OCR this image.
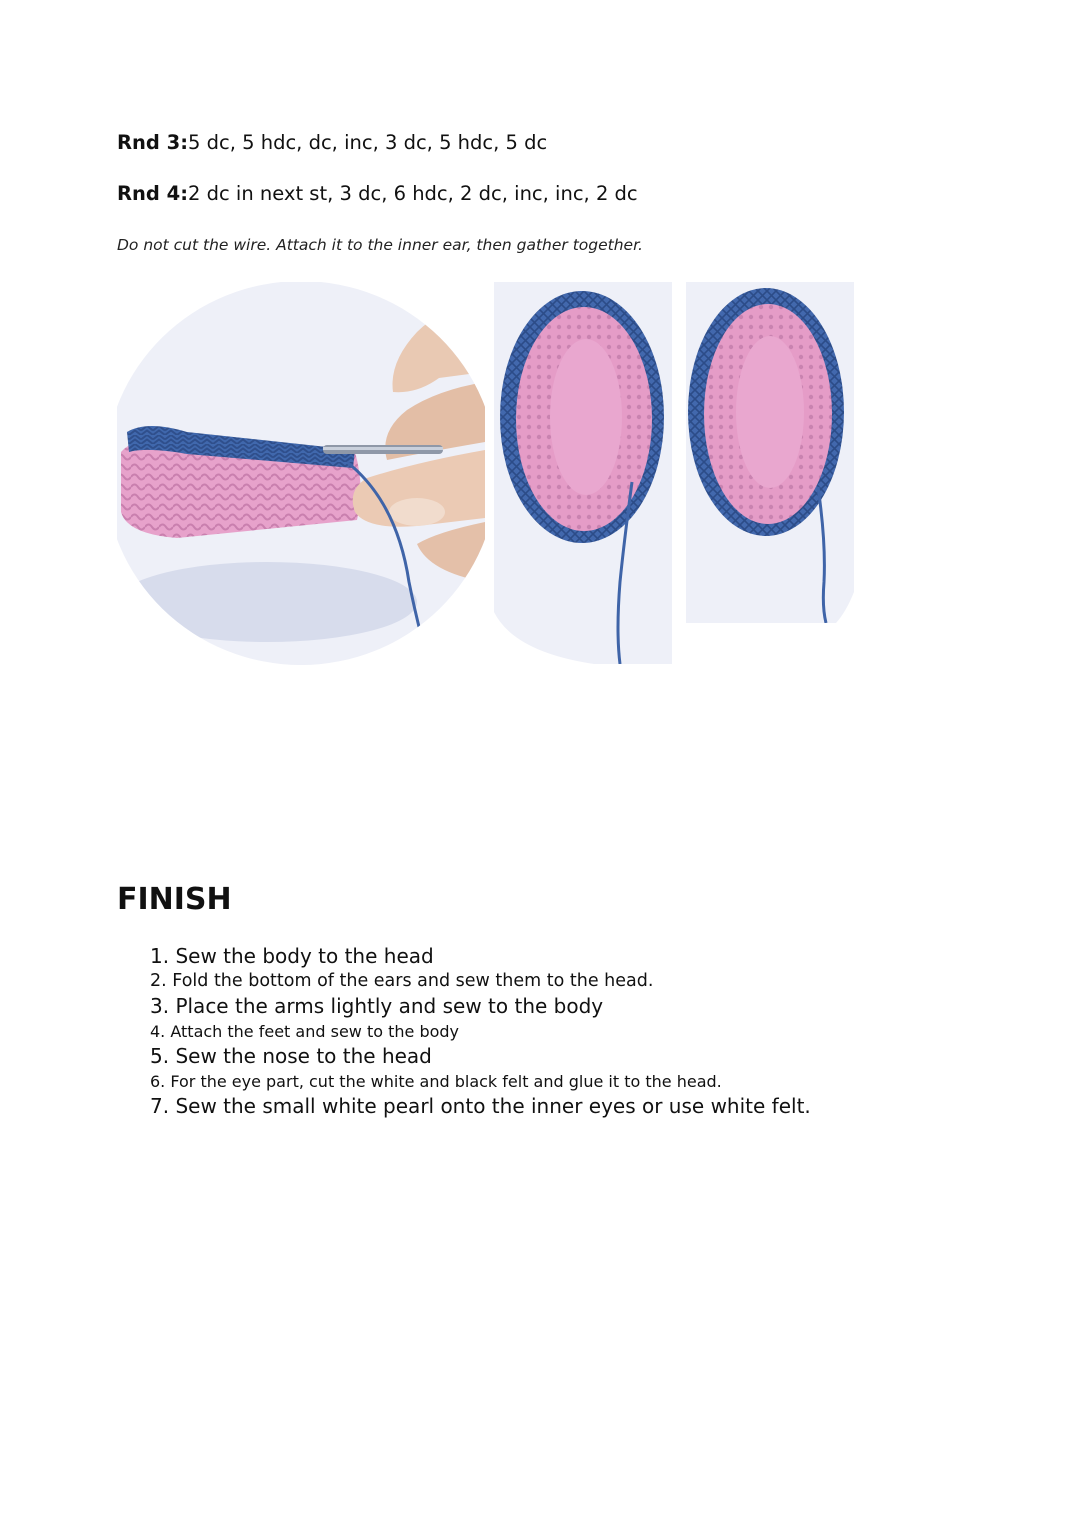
Rnd 3:5 dc, 5 hdc, dc, inc, 3 dc, 5 hdc, 5 dc
Rnd 4:2 dc in next st, 3 dc, 6 hdc, 2 dc, inc, inc, 2 dc
Do not cut the wire. Attach it to the inner ear, then gather together.
FINISH
1. Sew the body to the head
2. Fold the bottom of the ears and sew them to the head.
3. Place the arms lightly and sew to the body
4. Attach the feet and sew to the body
5. Sew the nose to the head
6. For the eye part, cut the white and black felt and glue it to the head.
7. Sew the small white pearl onto the inner eyes or use white felt.
